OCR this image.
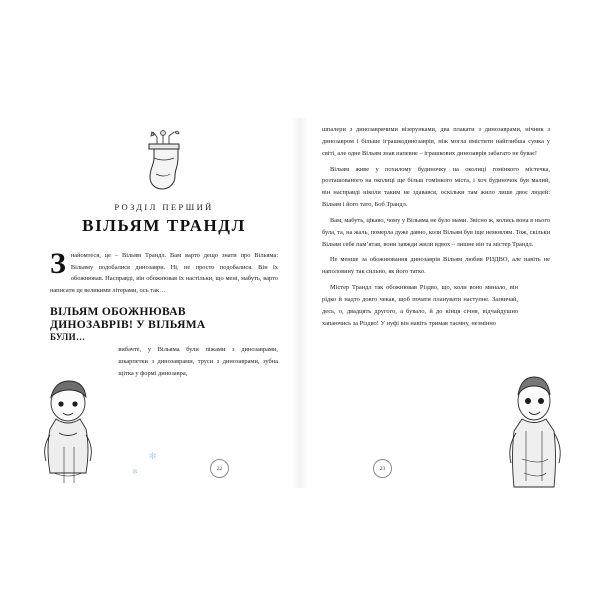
РОЗДІЛ ПЕРШИЙ
ВІЛЬЯМ ТРАНДЛ
Знайомтеся, це – Вільям Трандл. Вам варто дещо знати про Вільяма: Вільяму подобалися динозаври. Ні, не просто подобалися. Він їх обожнював. Насправді, він обожнював їх настільки, що мені, мабуть, варто написати це великими літерами, ось так…
ВІЛЬЯМ ОБОЖНЮВАВ
ДИНОЗАВРІВ! У ВІЛЬЯМА
БУЛИ…
вибачте, у Вільяма були піжами з динозаврами, шкарпетки з динозаврами, труси з динозаврами, зубна щітка у формі динозавра,
✻
✻

шпалери з динозаврячими візерунками, два плакати з динозаврами, нічник з динозавром і більше іграшкодинозаврів, ніж могла вмістити найглибша сумка у світі, але одне Вільям знав напевне – іграшкових динозаврів забагато не буває!

Вільям живе у похилому будиночку на околиці гомінкого містечка, розташованого на околиці ще більш гомінкого міста, і хоч будиночок був малий, він насправді ніколи таким не здавався, оскільки там жило лише двоє людей: Вільям і його тато, Боб Трандл.

Вам, мабуть, цікаво, чому у Вільяма не було мами. Звісно ж, колись вона в нього була, та, на жаль, померла дуже давно, коли Вільям був іще немовлям. Тож, скільки Вільям себе пам’ятав, вони завжди жили вдвох – лишне він та містер Трандл.

Не менше за обожнювання динозаврів Вільям любив РІЗДВО, але навіть не наполовину так сильно, як його татко.

Містер Трандл так обожнював Різдво, що, коли воно минало, він рідко й надто довго чекав, щоб почати планувати наступне. Зазвичай, десь, о, двадцять другого, а бувало, й до кінця січня, відчайдушно хапаючись за Різдво! У нуфі він навіть тримав таємну, незмінно

22	23
